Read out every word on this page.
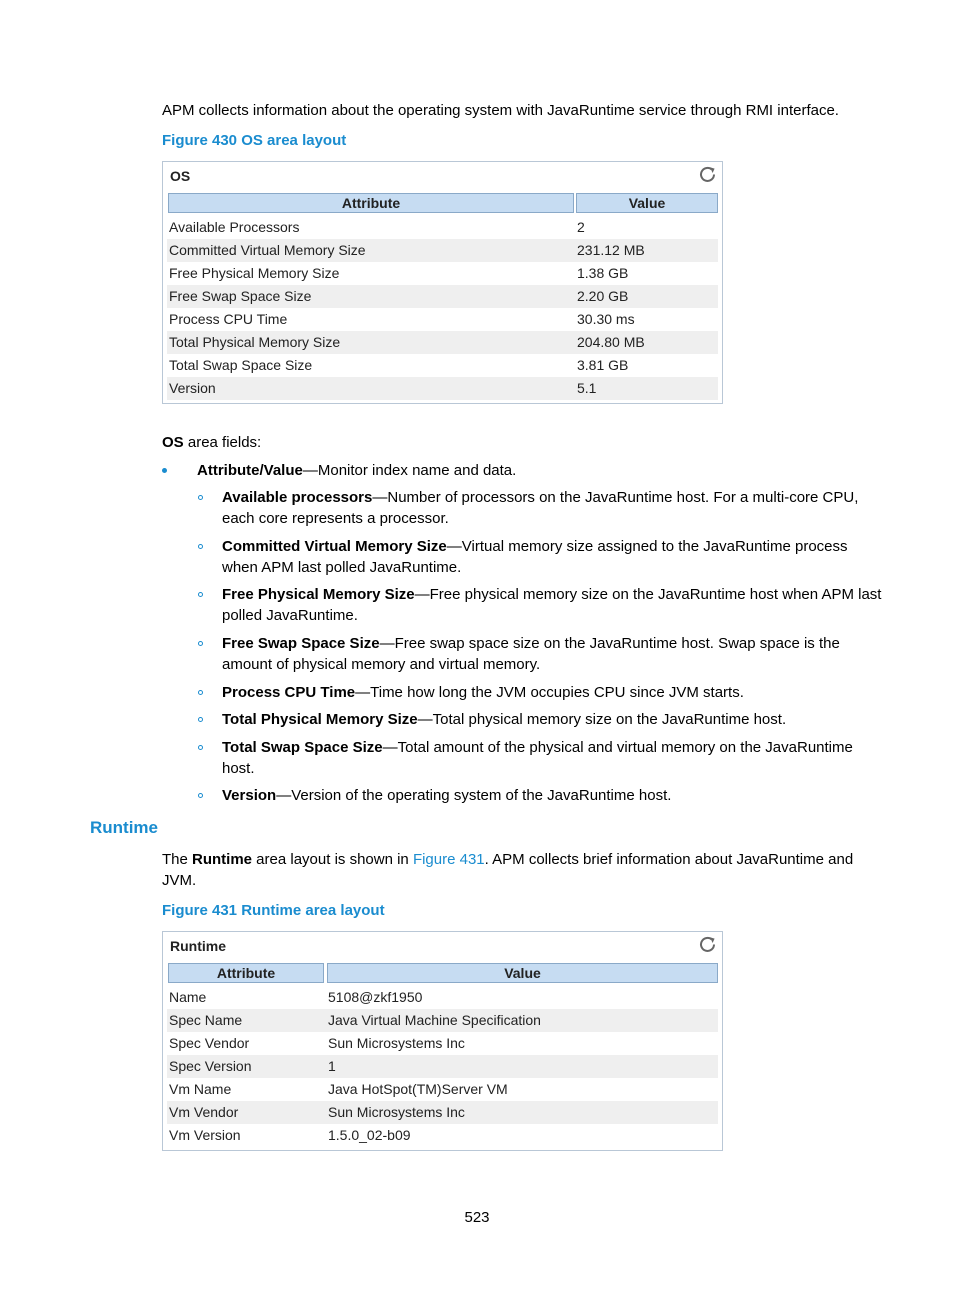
APM collects information about the operating system with JavaRuntime service through RMI interface.
Figure 430 OS area layout
OS
Attribute	Value
Available Processors	2
Committed Virtual Memory Size	231.12 MB
Free Physical Memory Size	1.38 GB
Free Swap Space Size	2.20 GB
Process CPU Time	30.30 ms
Total Physical Memory Size	204.80 MB
Total Swap Space Size	3.81 GB
Version	5.1
OS area fields:
Attribute/Value—Monitor index name and data.
Available processors—Number of processors on the JavaRuntime host. For a multi-core CPU,
each core represents a processor.
Committed Virtual Memory Size—Virtual memory size assigned to the JavaRuntime process
when APM last polled JavaRuntime.
Free Physical Memory Size—Free physical memory size on the JavaRuntime host when APM last
polled JavaRuntime.
Free Swap Space Size—Free swap space size on the JavaRuntime host. Swap space is the
amount of physical memory and virtual memory.
Process CPU Time—Time how long the JVM occupies CPU since JVM starts.
Total Physical Memory Size—Total physical memory size on the JavaRuntime host.
Total Swap Space Size—Total amount of the physical and virtual memory on the JavaRuntime
host.
Version—Version of the operating system of the JavaRuntime host.
Runtime
The Runtime area layout is shown in Figure 431. APM collects brief information about JavaRuntime and
JVM.
Figure 431 Runtime area layout
Runtime
Attribute	Value
Name	5108@zkf1950
Spec Name	Java Virtual Machine Specification
Spec Vendor	Sun Microsystems Inc
Spec Version	1
Vm Name	Java HotSpot(TM)Server VM
Vm Vendor	Sun Microsystems Inc
Vm Version	1.5.0_02-b09
523
